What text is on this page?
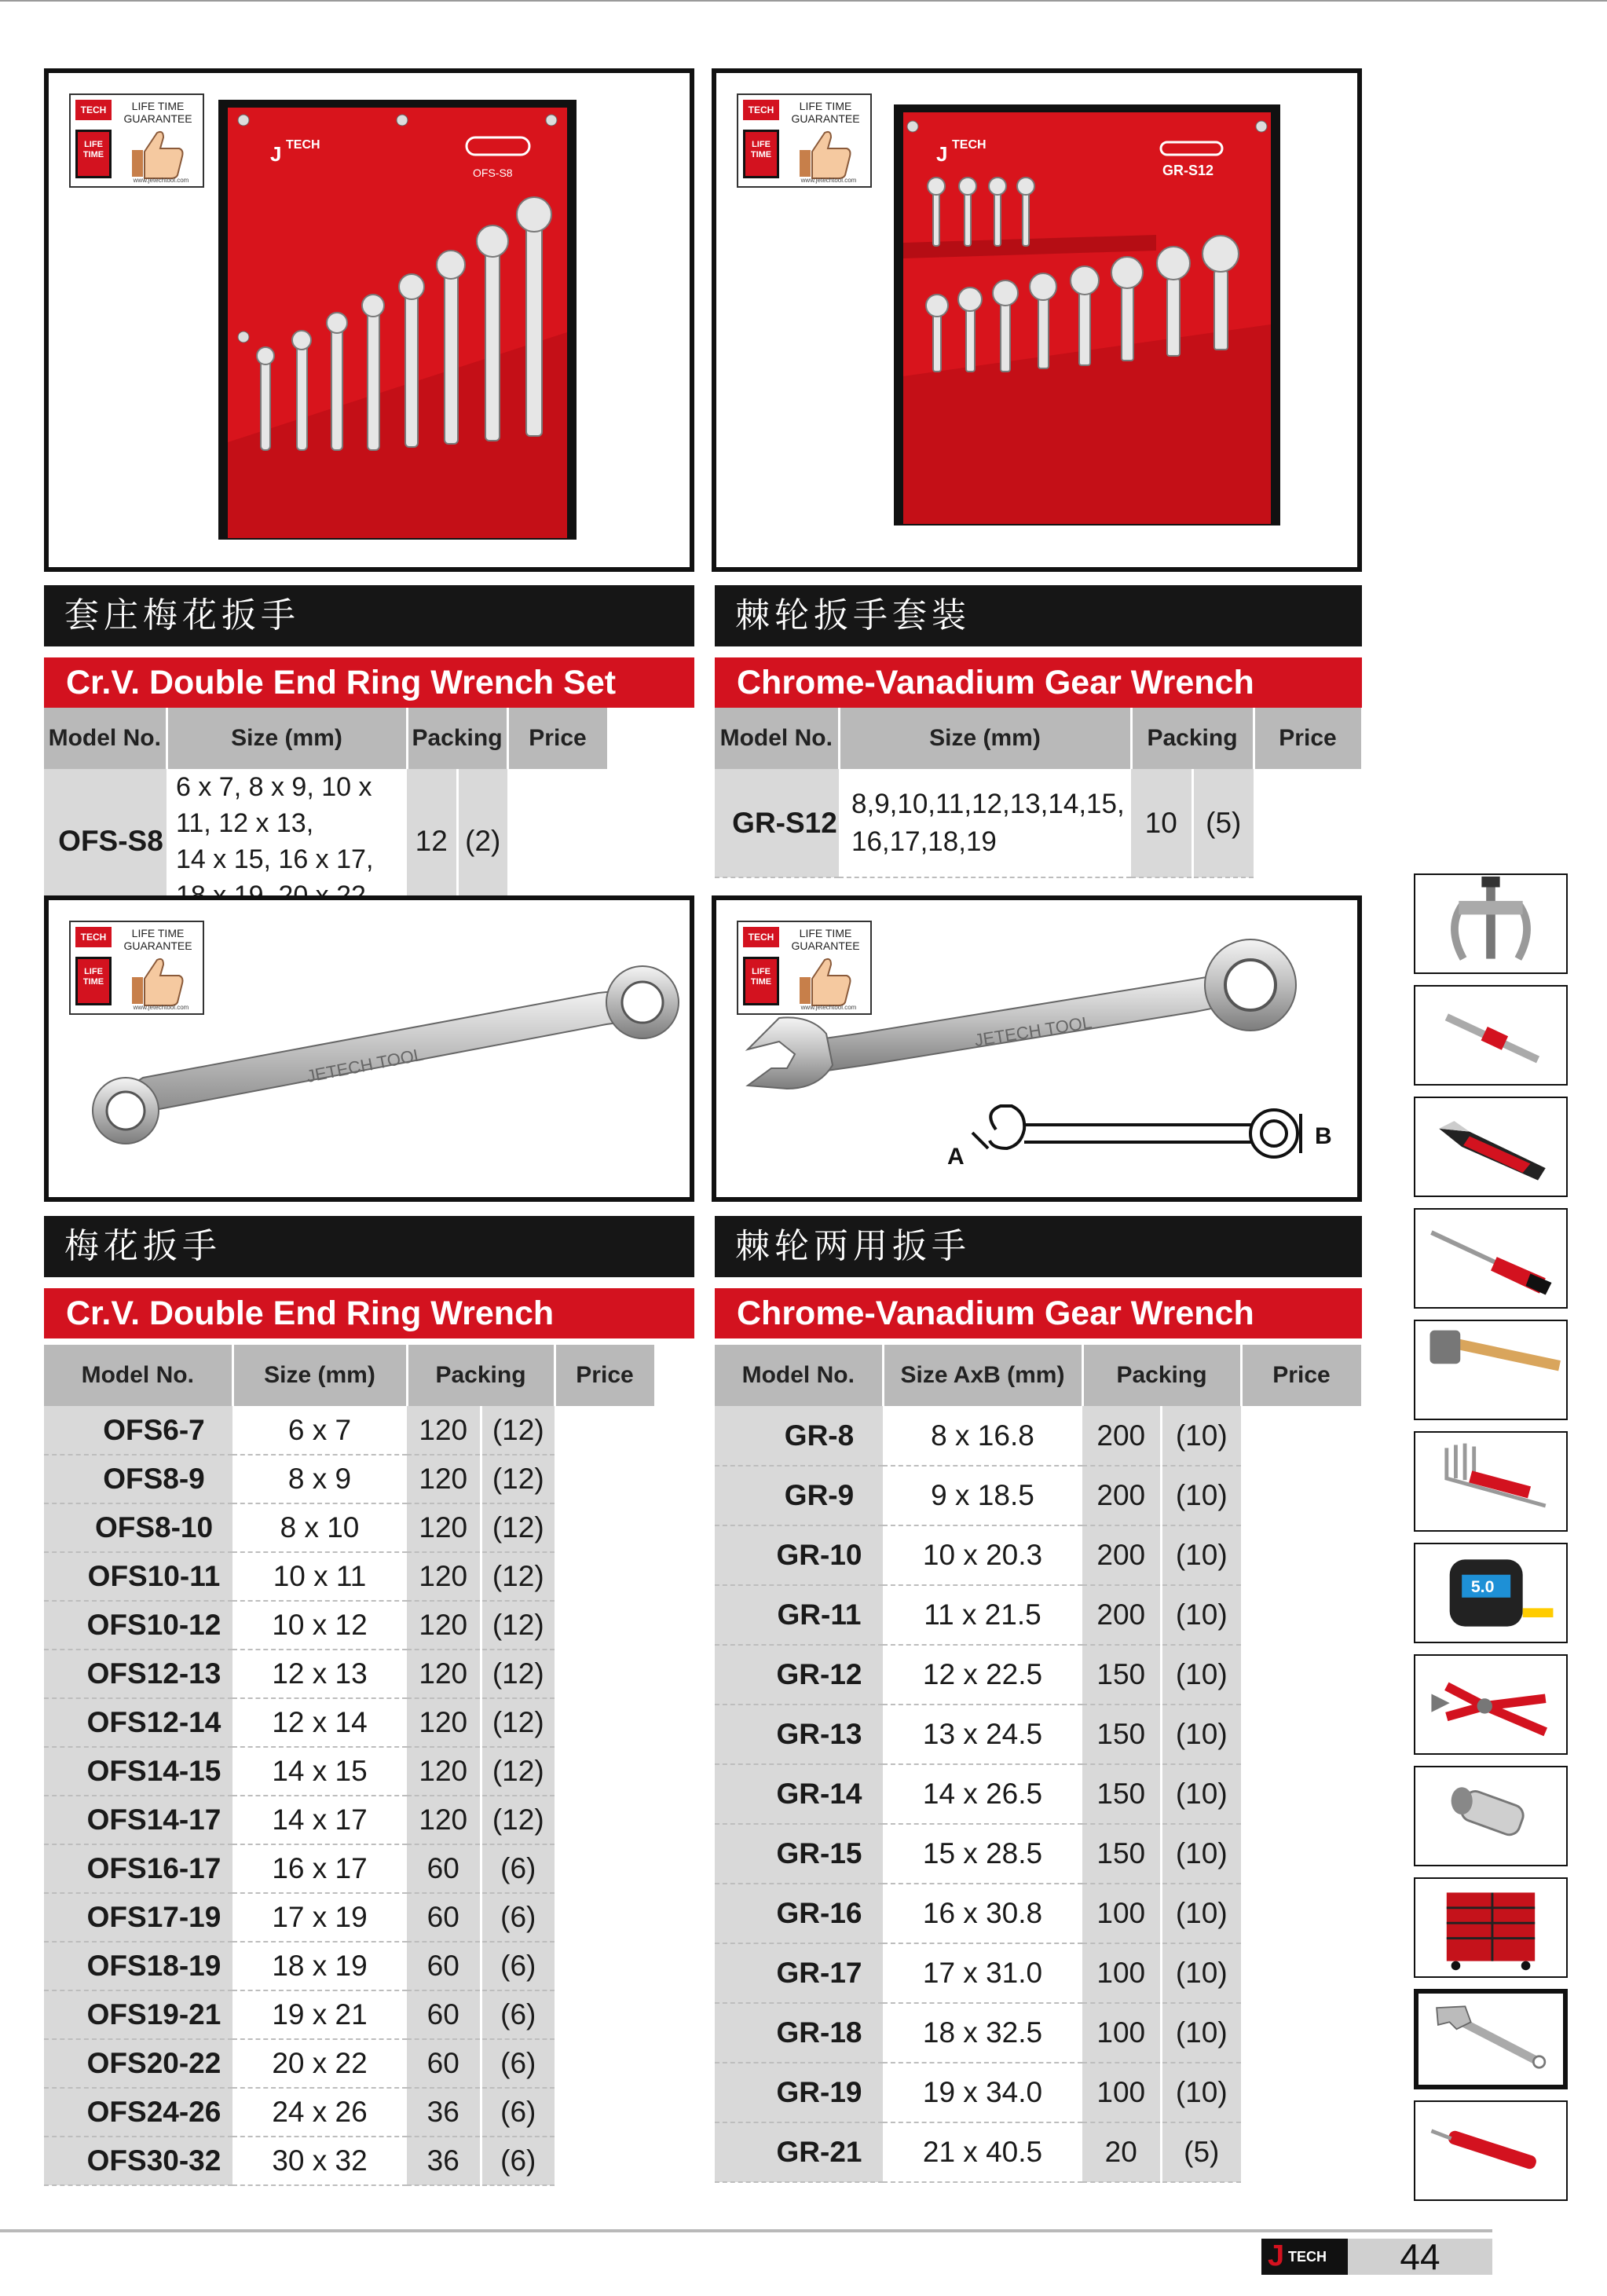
J TECH
OFS-S8
TECH	LIFE TIME
GUARANTEE
LIFE TIME
www.jetechtool.com
J TECH
GR-S12
TECH	LIFE TIME
GUARANTEE
LIFE TIME
www.jetechtool.com
套庄梅花扳手
Cr.V. Double End Ring Wrench Set
Model No.	Size (mm)	Packing		Price	
OFS-S8	6 x 7, 8 x 9, 10 x 11, 12 x 13,
14 x 15, 16 x 17,	12	(2)		
棘轮扳手套装
Chrome-Vanadium Gear Wrench
Model No.	Size (mm)	Packing		Price
GR-S12	8,9,10,11,12,13,14,15,
16,17,18,19	10	(5)	
JETECH TOOL
TECH	LIFE TIME
GUARANTEE
LIFE TIME
www.jetechtool.com
JETECH TOOL
A
B
TECH	LIFE TIME
GUARANTEE
LIFE TIME
www.jetechtool.com
梅花扳手
Cr.V. Double End Ring Wrench
Model No.	Size (mm)	Packing		Price	
OFS6-7	6 x 7	120	(12)		
OFS8-9	8 x 9	120	(12)		
OFS8-10	8 x 10	120	(12)		
OFS10-11	10 x 11	120	(12)		
OFS10-12	10 x 12	120	(12)		
OFS12-13	12 x 13	120	(12)		
OFS12-14	12 x 14	120	(12)		
OFS14-15	14 x 15	120	(12)		
OFS14-17	14 x 17	120	(12)		
OFS16-17	16 x 17	60	(6)		
OFS17-19	17 x 19	60	(6)		
OFS18-19	18 x 19	60	(6)		
OFS19-21	19 x 21	60	(6)		
OFS20-22	20 x 22	60	(6)		
OFS24-26	24 x 26	36	(6)		
OFS30-32	30 x 32	36	(6)		
棘轮两用扳手
Chrome-Vanadium Gear Wrench
Model No.	Size AxB (mm)	Packing		Price
GR-8	8 x 16.8	200	(10)	
GR-9	9 x 18.5	200	(10)	
GR-10	10 x 20.3	200	(10)	
GR-11	11 x 21.5	200	(10)	
GR-12	12 x 22.5	150	(10)	
GR-13	13 x 24.5	150	(10)	
GR-14	14 x 26.5	150	(10)	
GR-15	15 x 28.5	150	(10)	
GR-16	16 x 30.8	100	(10)	
GR-17	17 x 31.0	100	(10)	
GR-18	18 x 32.5	100	(10)	
GR-19	19 x 34.0	100	(10)	
GR-21	21 x 40.5	20	(5)	
5.0
J TECH	44
